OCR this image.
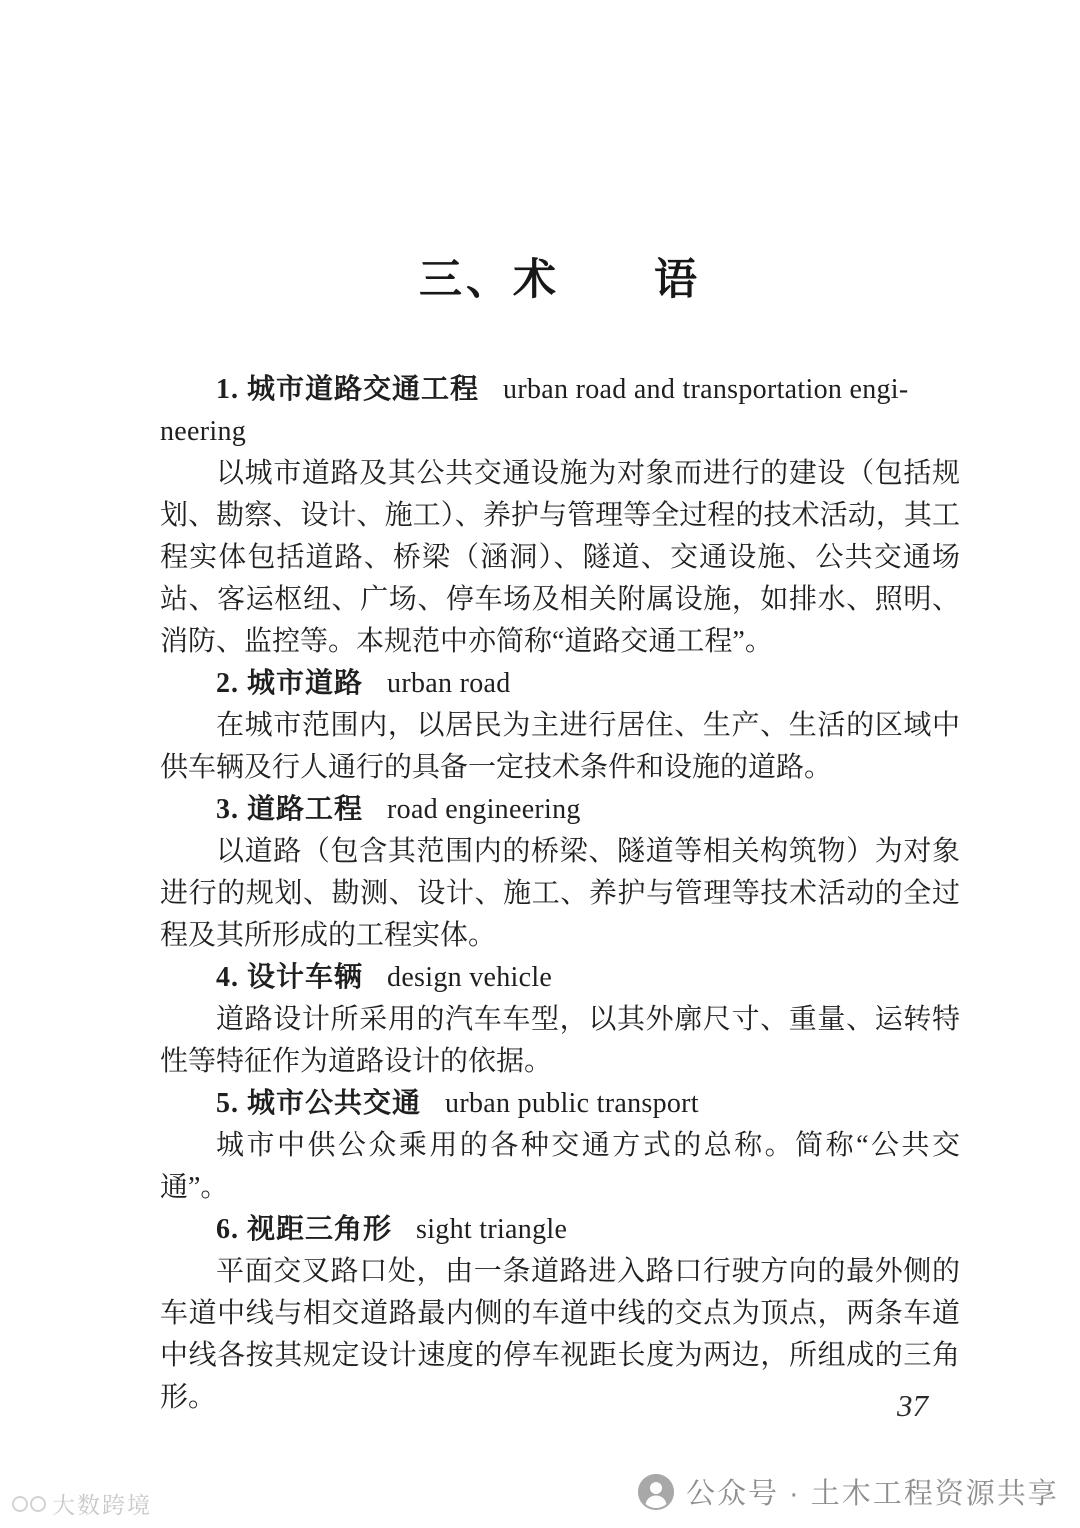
三、术　　语

1. 城市道路交通工程 urban road and transportation engi-
neering

以城市道路及其公共交通设施为对象而进行的建设（包括规划、勘察、设计、施工）、养护与管理等全过程的技术活动，其工程实体包括道路、桥梁（涵洞）、隧道、交通设施、公共交通场站、客运枢纽、广场、停车场及相关附属设施，如排水、照明、消防、监控等。本规范中亦简称“道路交通工程”。

2. 城市道路 urban road

在城市范围内，以居民为主进行居住、生产、生活的区域中供车辆及行人通行的具备一定技术条件和设施的道路。

3. 道路工程 road engineering

以道路（包含其范围内的桥梁、隧道等相关构筑物）为对象进行的规划、勘测、设计、施工、养护与管理等技术活动的全过程及其所形成的工程实体。

4. 设计车辆 design vehicle

道路设计所采用的汽车车型，以其外廓尺寸、重量、运转特性等特征作为道路设计的依据。

5. 城市公共交通 urban public transport

城市中供公众乘用的各种交通方式的总称。简称“公共交通”。

6. 视距三角形 sight triangle

平面交叉路口处，由一条道路进入路口行驶方向的最外侧的车道中线与相交道路最内侧的车道中线的交点为顶点，两条车道中线各按其规定设计速度的停车视距长度为两边，所组成的三角形。	37
公众号 · 土木工程资源共享
大数跨境
